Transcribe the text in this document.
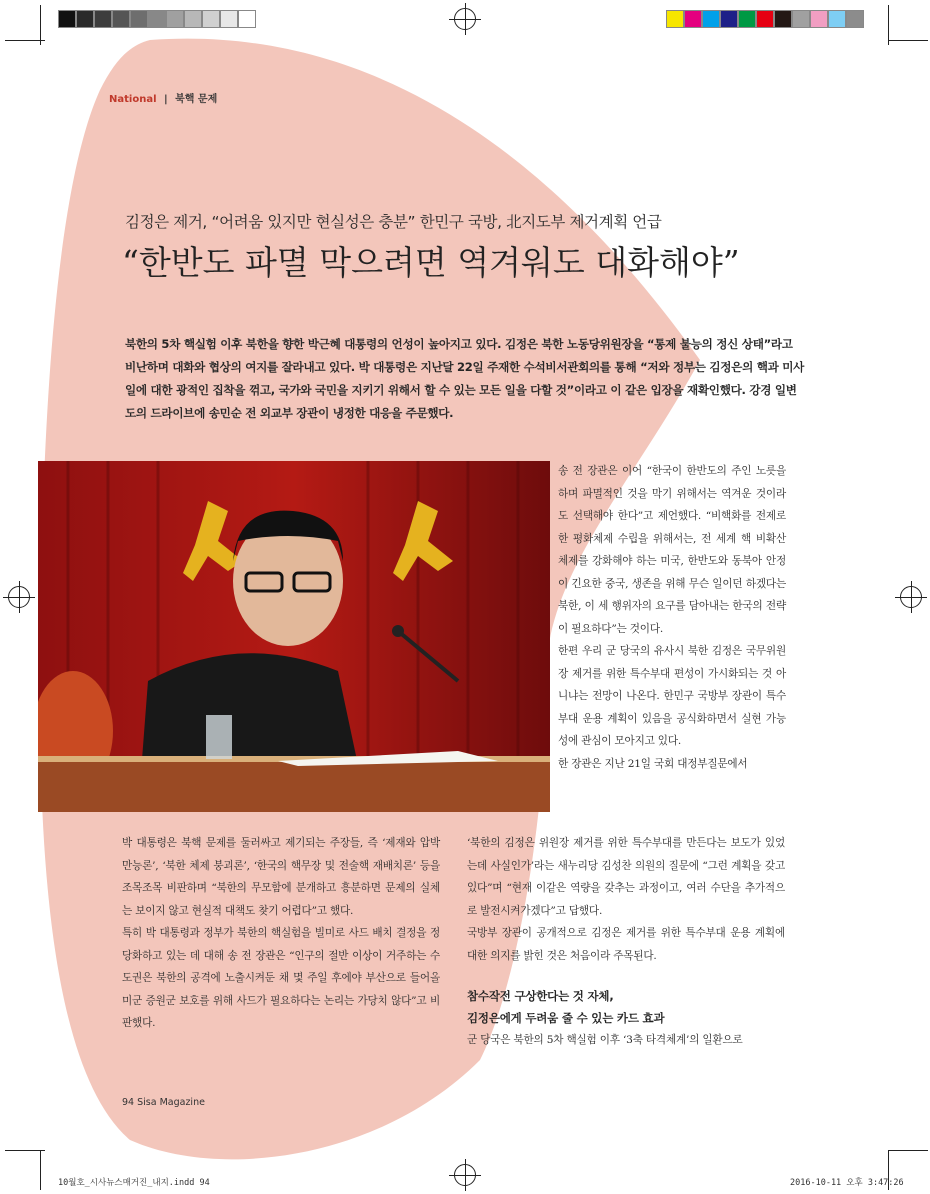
National | 북핵 문제
김정은 제거, “어려움 있지만 현실성은 충분” 한민구 국방, 北지도부 제거계획 언급
“한반도 파멸 막으려면 역겨워도 대화해야”
북한의 5차 핵실험 이후 북한을 향한 박근혜 대통령의 언성이 높아지고 있다. 김정은 북한 노동당위원장을 “통제 불능의 정신 상태”라고 비난하며 대화와 협상의 여지를 잘라내고 있다. 박 대통령은 지난달 22일 주재한 수석비서관회의를 통해 “저와 정부는 김정은의 핵과 미사일에 대한 광적인 집착을 꺾고, 국가와 국민을 지키기 위해서 할 수 있는 모든 일을 다할 것”이라고 이 같은 입장을 재확인했다. 강경 일변도의 드라이브에 송민순 전 외교부 장관이 냉정한 대응을 주문했다.

송 전 장관은 이어 “한국이 한반도의 주인 노릇을 하며 파멸적인 것을 막기 위해서는 역겨운 것이라도 선택해야 한다”고 제언했다. “비핵화를 전제로 한 평화체제 수립을 위해서는, 전 세계 핵 비확산 체제를 강화해야 하는 미국, 한반도와 동북아 안정이 긴요한 중국, 생존을 위해 무슨 일이던 하겠다는 북한, 이 세 행위자의 요구를 담아내는 한국의 전략이 필요하다”는 것이다.

한편 우리 군 당국의 유사시 북한 김정은 국무위원장 제거를 위한 특수부대 편성이 가시화되는 것 아니냐는 전망이 나온다. 한민구 국방부 장관이 특수부대 운용 계획이 있음을 공식화하면서 실현 가능성에 관심이 모아지고 있다.

한 장관은 지난 21일 국회 대정부질문에서

박 대통령은 북핵 문제를 둘러싸고 제기되는 주장들, 즉 ‘제재와 압박 만능론’, ‘북한 체제 붕괴론’, ‘한국의 핵무장 및 전술핵 재배치론’ 등을 조목조목 비판하며 “북한의 무모함에 분개하고 흥분하면 문제의 실체는 보이지 않고 현실적 대책도 찾기 어렵다”고 했다.

특히 박 대통령과 정부가 북한의 핵실험을 빌미로 사드 배치 결정을 정당화하고 있는 데 대해 송 전 장관은 “인구의 절반 이상이 거주하는 수도권은 북한의 공격에 노출시켜둔 채 몇 주일 후에야 부산으로 들어올 미군 증원군 보호를 위해 사드가 필요하다는 논리는 가당치 않다”고 비판했다.

‘북한의 김정은 위원장 제거를 위한 특수부대를 만든다는 보도가 있었는데 사실인가’라는 새누리당 김성찬 의원의 질문에 “그런 계획을 갖고 있다”며 “현재 이같은 역량을 갖추는 과정이고, 여러 수단을 추가적으로 발전시켜가겠다”고 답했다.

국방부 장관이 공개적으로 김정은 제거를 위한 특수부대 운용 계획에 대한 의지를 밝힌 것은 처음이라 주목된다.

참수작전 구상한다는 것 자체,
김정은에게 두려움 줄 수 있는 카드 효과

군 당국은 북한의 5차 핵실험 이후 ‘3축 타격체계’의 일환으로

94 Sisa Magazine
10월호_시사뉴스매거진_내지.indd 94	2016-10-11 오후 3:47:26
